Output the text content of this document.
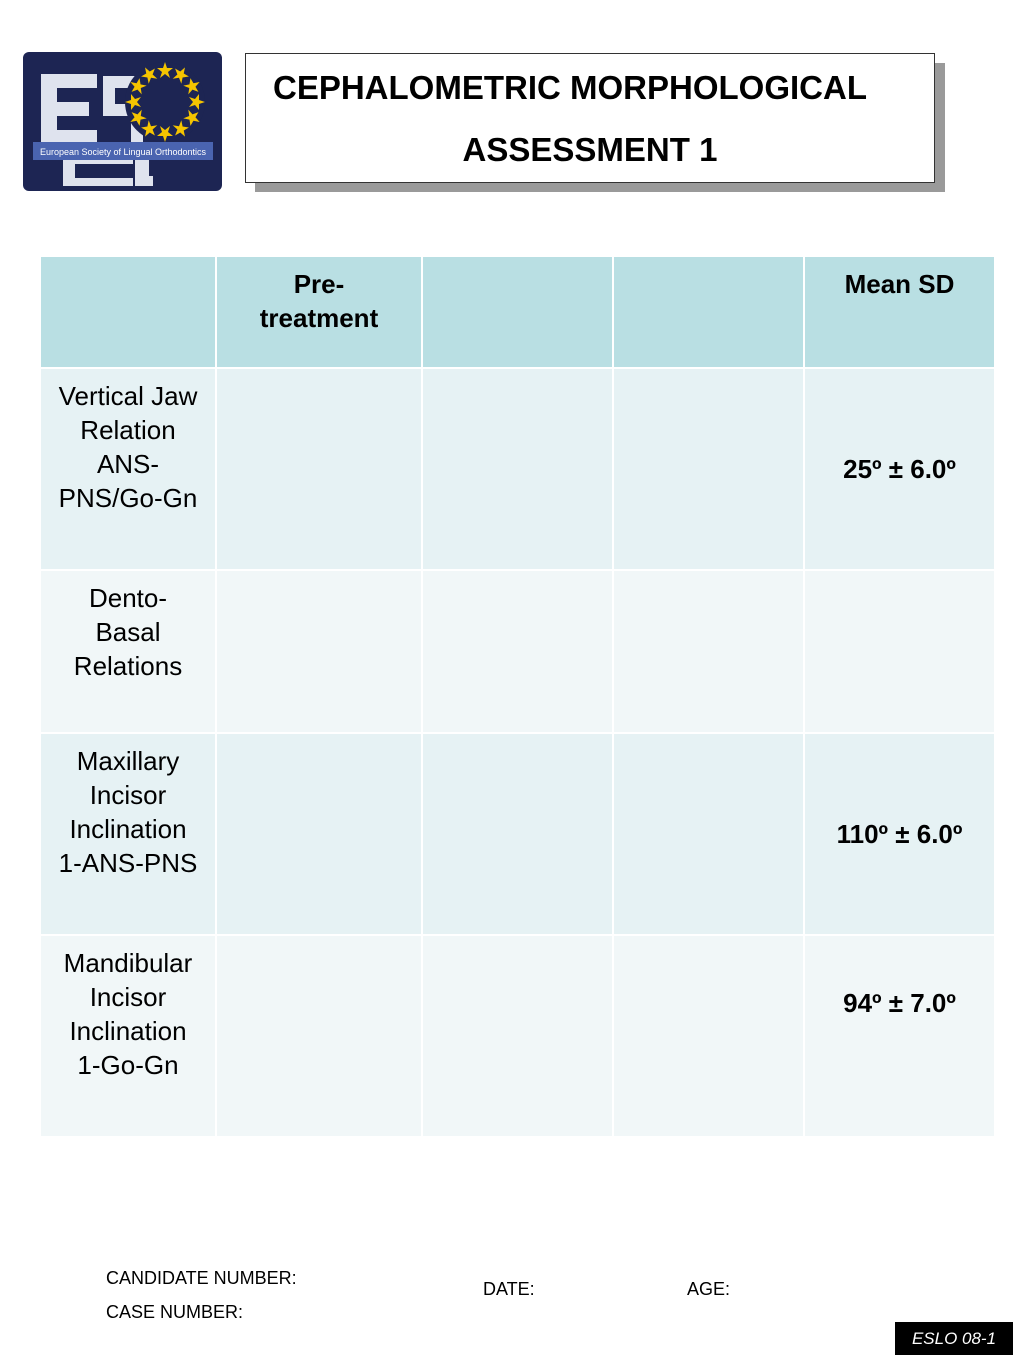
European Society of Lingual Orthodontics
CEPHALOMETRIC MORPHOLOGICAL
ASSESSMENT 1
	Pre-
treatment			Mean SD

Vertical Jaw
Relation
ANS-
PNS/Go-Gn				25º ± 6.0º

Dento-
Basal
Relations				

Maxillary
Incisor
Inclination
1-ANS-PNS				110º ± 6.0º

Mandibular
Incisor
Inclination
1-Go-Gn				94º ± 7.0º
CANDIDATE NUMBER:
CASE NUMBER:
DATE:	AGE:
ESLO 08-1
